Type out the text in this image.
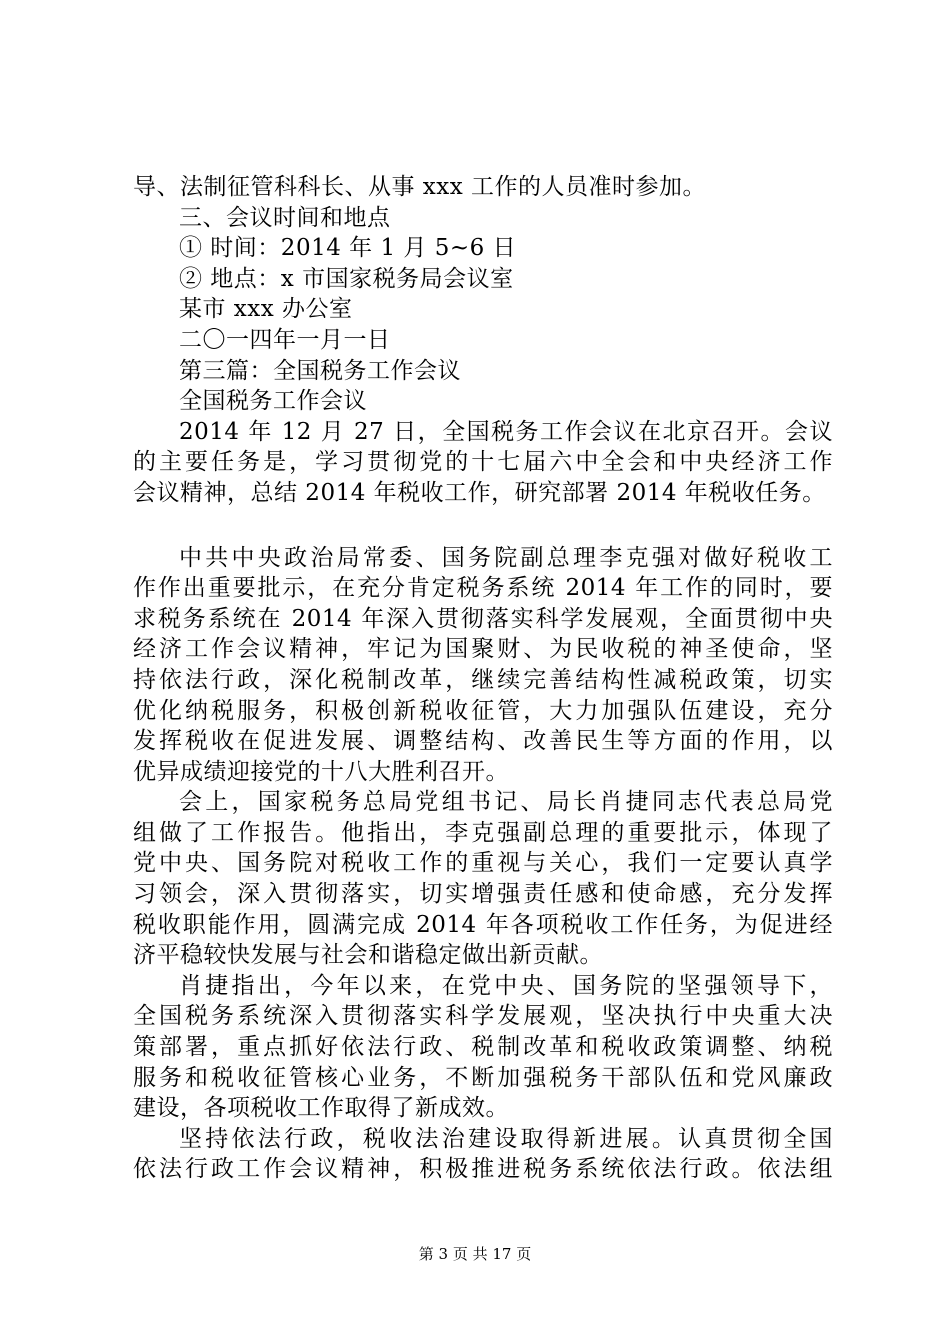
导、法制征管科科长、从事 xxx 工作的人员准时参加。
三、会议时间和地点
① 时间：2014 年 1 月 5~6 日
② 地点：x 市国家税务局会议室
某市 xxx 办公室
二〇一四年一月一日
第三篇：全国税务工作会议
全国税务工作会议
2014 年 12 月 27 日，全国税务工作会议在北京召开。会议
的主要任务是，学习贯彻党的十七届六中全会和中央经济工作
会议精神，总结 2014 年税收工作，研究部署 2014 年税收任务。
中共中央政治局常委、国务院副总理李克强对做好税收工
作作出重要批示，在充分肯定税务系统 2014 年工作的同时，要
求税务系统在 2014 年深入贯彻落实科学发展观，全面贯彻中央
经济工作会议精神，牢记为国聚财、为民收税的神圣使命，坚
持依法行政，深化税制改革，继续完善结构性减税政策，切实
优化纳税服务，积极创新税收征管，大力加强队伍建设，充分
发挥税收在促进发展、调整结构、改善民生等方面的作用，以
优异成绩迎接党的十八大胜利召开。
会上，国家税务总局党组书记、局长肖捷同志代表总局党
组做了工作报告。他指出，李克强副总理的重要批示，体现了
党中央、国务院对税收工作的重视与关心，我们一定要认真学
习领会，深入贯彻落实，切实增强责任感和使命感，充分发挥
税收职能作用，圆满完成 2014 年各项税收工作任务，为促进经
济平稳较快发展与社会和谐稳定做出新贡献。
肖捷指出，今年以来，在党中央、国务院的坚强领导下，
全国税务系统深入贯彻落实科学发展观，坚决执行中央重大决
策部署，重点抓好依法行政、税制改革和税收政策调整、纳税
服务和税收征管核心业务，不断加强税务干部队伍和党风廉政
建设，各项税收工作取得了新成效。
坚持依法行政，税收法治建设取得新进展。认真贯彻全国
依法行政工作会议精神，积极推进税务系统依法行政。依法组
第 3 页 共 17 页
